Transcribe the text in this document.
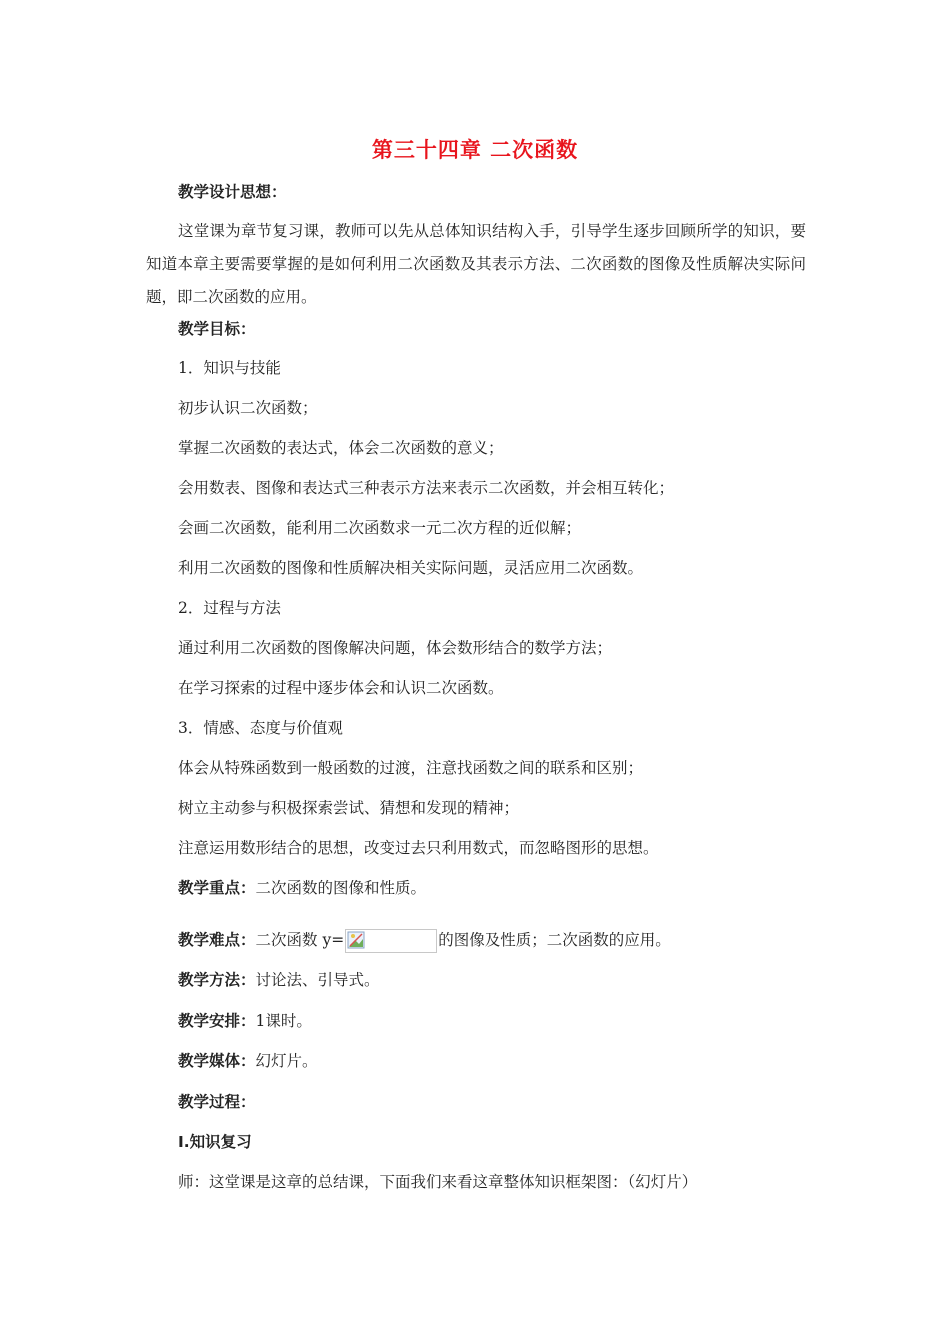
第三十四章 二次函数
教学设计思想：
这堂课为章节复习课，教师可以先从总体知识结构入手，引导学生逐步回顾所学的知识，要知道本章主要需要掌握的是如何利用二次函数及其表示方法、二次函数的图像及性质解决实际问题，即二次函数的应用。
教学目标：
1．知识与技能
初步认识二次函数；
掌握二次函数的表达式，体会二次函数的意义；
会用数表、图像和表达式三种表示方法来表示二次函数，并会相互转化；
会画二次函数，能利用二次函数求一元二次方程的近似解；
利用二次函数的图像和性质解决相关实际问题，灵活应用二次函数。
2．过程与方法
通过利用二次函数的图像解决问题，体会数形结合的数学方法；
在学习探索的过程中逐步体会和认识二次函数。
3．情感、态度与价值观
体会从特殊函数到一般函数的过渡，注意找函数之间的联系和区别；
树立主动参与积极探索尝试、猜想和发现的精神；
注意运用数形结合的思想，改变过去只利用数式，而忽略图形的思想。
教学重点：二次函数的图像和性质。
教学难点：二次函数 y=	的图像及性质；二次函数的应用。
教学方法：讨论法、引导式。
教学安排：1课时。
教学媒体：幻灯片。
教学过程：
Ⅰ.知识复习
师：这堂课是这章的总结课，下面我们来看这章整体知识框架图：（幻灯片）
